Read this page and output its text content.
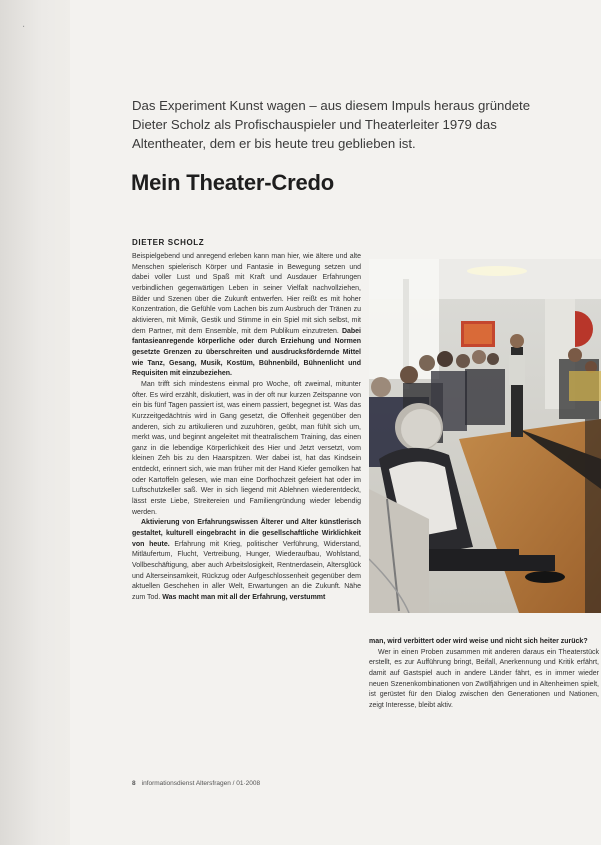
·
Das Experiment Kunst wagen – aus diesem Impuls heraus gründete Dieter Scholz als Profischauspieler und Theaterleiter 1979 das Altentheater, dem er bis heute treu geblieben ist.
Mein Theater-Credo
DIETER SCHOLZ

Beispielgebend und anregend erleben kann man hier, wie ältere und alte Menschen spielerisch Körper und Fantasie in Bewegung setzen und dabei voller Lust und Spaß mit Kraft und Ausdauer Erfahrungen verbindlichen gegenwärtigen Leben in seiner Vielfalt nachvollziehen, Bilder und Szenen über die Zukunft entwerfen. Hier reißt es mit hoher Konzentration, die Gefühle vom Lachen bis zum Ausbruch der Tränen zu aktivieren, mit Mimik, Gestik und Stimme in ein Spiel mit sich selbst, mit dem Partner, mit dem Ensemble, mit dem Publikum einzutreten. Dabei fantasieanregende körperliche oder durch Erziehung und Normen gesetzte Grenzen zu überschreiten und ausdrucksfördernde Mittel wie Tanz, Gesang, Musik, Kostüm, Bühnenbild, Bühnenlicht und Requisiten mit einzubeziehen.

Man trifft sich mindestens einmal pro Woche, oft zweimal, mitunter öfter. Es wird erzählt, diskutiert, was in der oft nur kurzen Zeitspanne von ein bis fünf Tagen passiert ist, was einem passiert, begegnet ist. Was das Kurzzeitgedächtnis wird in Gang gesetzt, die Offenheit gegenüber den anderen, sich zu artikulieren und zuzuhören, geübt, man fühlt sich um, merkt was, und beginnt angeleitet mit theatralischem Training, das einen ganz in die lebendige Körperlichkeit des Hier und Jetzt versetzt, vom kleinen Zeh bis zu den Haarspitzen. Wer dabei ist, hat das Kindsein entdeckt, erinnert sich, wie man früher mit der Hand Kiefer gemolken hat oder Kartoffeln gelesen, wie man eine Dorfhochzeit gefeiert hat oder im Luftschutzkeller saß. Wer in sich liegend mit Ablehnen wiederentdeckt, lässt erste Liebe, Streitereien und Familiengründung wieder lebendig werden.

Aktivierung von Erfahrungswissen Älterer und Alter künstlerisch gestaltet, kulturell eingebracht in die gesellschaftliche Wirklichkeit von heute. Erfahrung mit Krieg, politischer Verführung, Widerstand, Mitläufertum, Flucht, Vertreibung, Hunger, Wiederaufbau, Wohlstand, Vollbeschäftigung, aber auch Arbeitslosigkeit, Rentnerdasein, Altersglück und Alterseinsamkeit, Rückzug oder Aufgeschlossenheit gegenüber dem aktuellen Geschehen in aller Welt, Erwartungen an die Zukunft. Nähe zum Tod. Was macht man mit all der Erfahrung, verstummt

man, wird verbittert oder wird weise und nicht sich heiter zurück?

Wer in einen Proben zusammen mit anderen daraus ein Theaterstück erstellt, es zur Aufführung bringt, Beifall, Anerkennung und Kritik erfährt, damit auf Gastspiel auch in andere Länder fährt, es in immer wieder neuen Szenenkombinationen von Zwölfjährigen und in Altenheimen spielt, ist gerüstet für den Dialog zwischen den Generationen und Nationen, zeigt Interesse, bleibt aktiv.

8 informationsdienst Altersfragen / 01·2008
